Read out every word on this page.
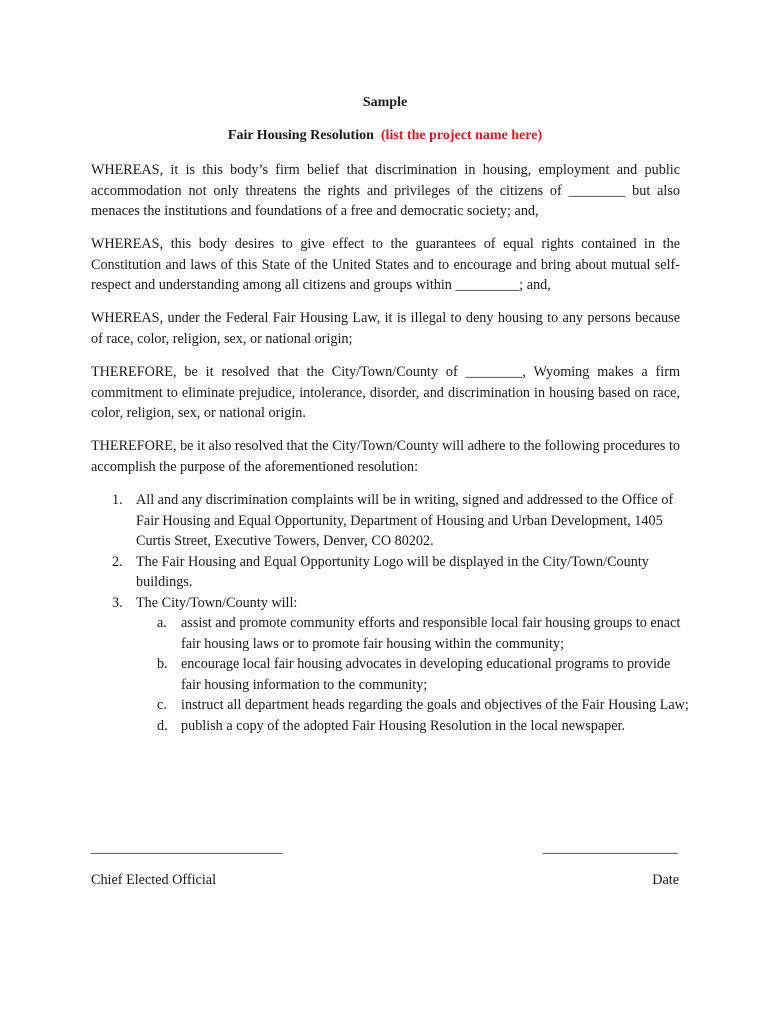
Sample
Fair Housing Resolution (list the project name here)

WHEREAS, it is this body’s firm belief that discrimination in housing, employment and public accommodation not only threatens the rights and privileges of the citizens of ________ but also menaces the institutions and foundations of a free and democratic society; and,

WHEREAS, this body desires to give effect to the guarantees of equal rights contained in the Constitution and laws of this State of the United States and to encourage and bring about mutual self-respect and understanding among all citizens and groups within _________; and,

WHEREAS, under the Federal Fair Housing Law, it is illegal to deny housing to any persons because of race, color, religion, sex, or national origin;

THEREFORE, be it resolved that the City/Town/County of ________, Wyoming makes a firm commitment to eliminate prejudice, intolerance, disorder, and discrimination in housing based on race, color, religion, sex, or national origin.

THEREFORE, be it also resolved that the City/Town/County will adhere to the following procedures to accomplish the purpose of the aforementioned resolution:

1. All and any discrimination complaints will be in writing, signed and addressed to the Office of Fair Housing and Equal Opportunity, Department of Housing and Urban Development, 1405 Curtis Street, Executive Towers, Denver, CO 80202.
2. The Fair Housing and Equal Opportunity Logo will be displayed in the City/Town/County buildings.
3. The City/Town/County will:
a. assist and promote community efforts and responsible local fair housing groups to enact fair housing laws or to promote fair housing within the community;
b. encourage local fair housing advocates in developing educational programs to provide fair housing information to the community;
c. instruct all department heads regarding the goals and objectives of the Fair Housing Law;
d. publish a copy of the adopted Fair Housing Resolution in the local newspaper.
___________________________	___________________
Chief Elected Official	Date
